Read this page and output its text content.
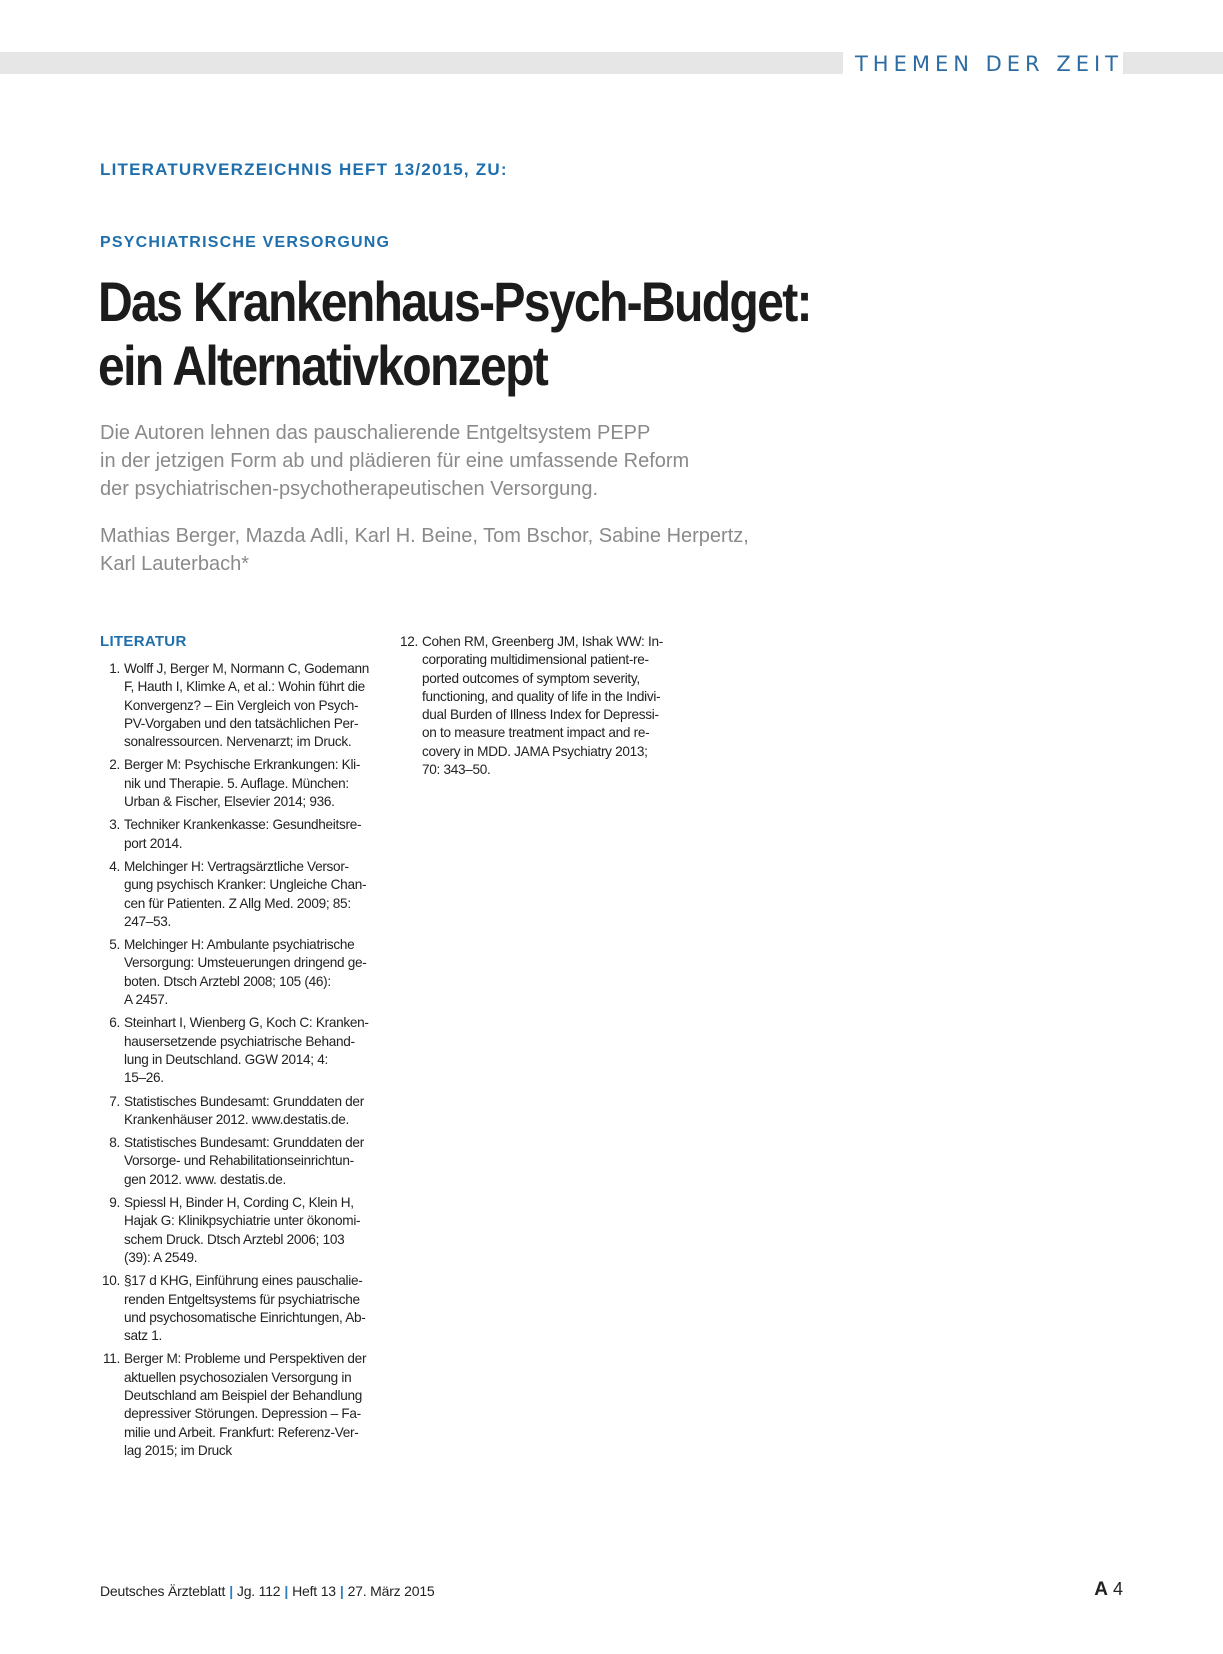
THEMEN DER ZEIT
LITERATURVERZEICHNIS HEFT 13/2015, ZU:
PSYCHIATRISCHE VERSORGUNG
Das Krankenhaus-Psych-Budget:
ein Alternativkonzept

Die Autoren lehnen das pauschalierende Entgeltsystem PEPP
in der jetzigen Form ab und plädieren für eine umfassende Reform
der psychiatrischen-psychotherapeutischen Versorgung.

Mathias Berger, Mazda Adli, Karl H. Beine, Tom Bschor, Sabine Herpertz,
Karl Lauterbach*

LITERATUR
1. Wolff J, Berger M, Normann C, Godemann
F, Hauth I, Klimke A, et al.: Wohin führt die
Konvergenz? – Ein Vergleich von Psych-
PV-Vorgaben und den tatsächlichen Per-
sonalressourcen. Nervenarzt; im Druck.
2. Berger M: Psychische Erkrankungen: Kli-
nik und Therapie. 5. Auflage. München:
Urban & Fischer, Elsevier 2014; 936.
3. Techniker Krankenkasse: Gesundheitsre-
port 2014.
4. Melchinger H: Vertragsärztliche Versor-
gung psychisch Kranker: Ungleiche Chan-
cen für Patienten. Z Allg Med. 2009; 85:
247–53.
5. Melchinger H: Ambulante psychiatrische
Versorgung: Umsteuerungen dringend ge-
boten. Dtsch Arztebl 2008; 105 (46):
A 2457.
6. Steinhart I, Wienberg G, Koch C: Kranken-
hausersetzende psychiatrische Behand-
lung in Deutschland. GGW 2014; 4:
15–26.
7. Statistisches Bundesamt: Grunddaten der
Krankenhäuser 2012. www.destatis.de.
8. Statistisches Bundesamt: Grunddaten der
Vorsorge- und Rehabilitationseinrichtun-
gen 2012. www. destatis.de.
9. Spiessl H, Binder H, Cording C, Klein H,
Hajak G: Klinikpsychiatrie unter ökonomi-
schem Druck. Dtsch Arztebl 2006; 103
(39): A 2549.
10. §17 d KHG, Einführung eines pauschalie-
renden Entgeltsystems für psychiatrische
und psychosomatische Einrichtungen, Ab-
satz 1.
11. Berger M: Probleme und Perspektiven der
aktuellen psychosozialen Versorgung in
Deutschland am Beispiel der Behandlung
depressiver Störungen. Depression – Fa-
milie und Arbeit. Frankfurt: Referenz-Ver-
lag 2015; im Druck
12. Cohen RM, Greenberg JM, Ishak WW: In-
corporating multidimensional patient-re-
ported outcomes of symptom severity,
functioning, and quality of life in the Indivi-
dual Burden of Illness Index for Depressi-
on to measure treatment impact and re-
covery in MDD. JAMA Psychiatry 2013;
70: 343–50.
Deutsches Ärzteblatt | Jg. 112 | Heft 13 | 27. März 2015	A 4
